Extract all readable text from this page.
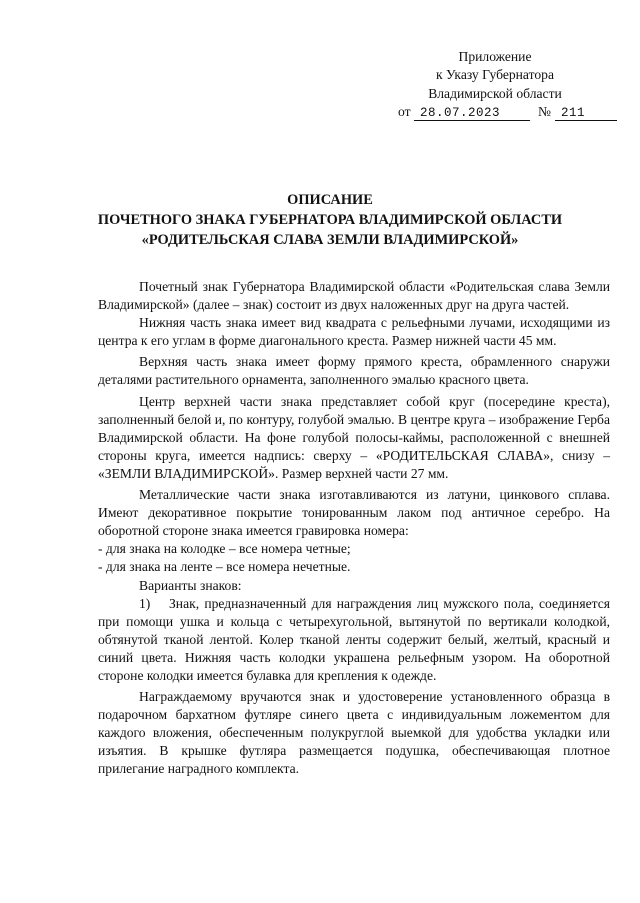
Приложение
к Указу Губернатора
Владимирской области
от 28.07.2023	№ 211
ОПИСАНИЕ
ПОЧЕТНОГО ЗНАКА ГУБЕРНАТОРА ВЛАДИМИРСКОЙ ОБЛАСТИ
«РОДИТЕЛЬСКАЯ СЛАВА ЗЕМЛИ ВЛАДИМИРСКОЙ»

Почетный знак Губернатора Владимирской области «Родительская слава Земли Владимирской» (далее – знак) состоит из двух наложенных друг на друга частей.

Нижняя часть знака имеет вид квадрата с рельефными лучами, исходящими из центра к его углам в форме диагонального креста. Размер нижней части 45 мм.

Верхняя часть знака имеет форму прямого креста, обрамленного снаружи деталями растительного орнамента, заполненного эмалью красного цвета.

Центр верхней части знака представляет собой круг (посередине креста), заполненный белой и, по контуру, голубой эмалью. В центре круга – изображение Герба Владимирской области. На фоне голубой полосы-каймы, расположенной с внешней стороны круга, имеется надпись: сверху – «РОДИТЕЛЬСКАЯ СЛАВА», снизу – «ЗЕМЛИ ВЛАДИМИРСКОЙ». Размер верхней части 27 мм.

Металлические части знака изготавливаются из латуни, цинкового сплава. Имеют декоративное покрытие тонированным лаком под античное серебро. На оборотной стороне знака имеется гравировка номера:

- для знака на колодке – все номера четные;

- для знака на ленте – все номера нечетные.

Варианты знаков:

1) Знак, предназначенный для награждения лиц мужского пола, соединяется при помощи ушка и кольца с четырехугольной, вытянутой по вертикали колодкой, обтянутой тканой лентой. Колер тканой ленты содержит белый, желтый, красный и синий цвета. Нижняя часть колодки украшена рельефным узором. На оборотной стороне колодки имеется булавка для крепления к одежде.

Награждаемому вручаются знак и удостоверение установленного образца в подарочном бархатном футляре синего цвета с индивидуальным ложементом для каждого вложения, обеспеченным полукруглой выемкой для удобства укладки или изъятия. В крышке футляра размещается подушка, обеспечивающая плотное прилегание наградного комплекта.
